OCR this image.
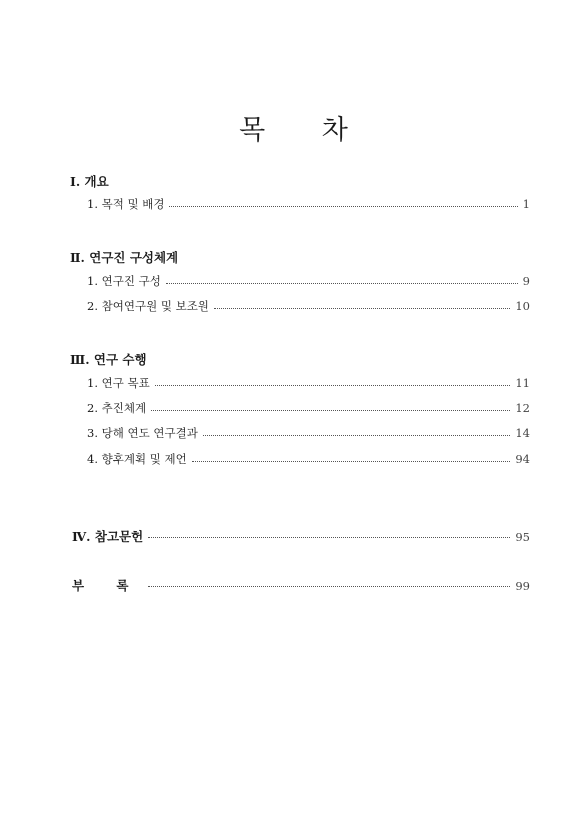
목 차
Ⅰ. 개요
1. 목적 및 배경	1
Ⅱ. 연구진 구성체계
1. 연구진 구성	9
2. 참여연구원 및 보조원	10
Ⅲ. 연구 수행
1. 연구 목표	11
2. 추진체계	12
3. 당해 연도 연구결과	14
4. 향후계획 및 제언	94
Ⅳ. 참고문헌	95
부 록	99
